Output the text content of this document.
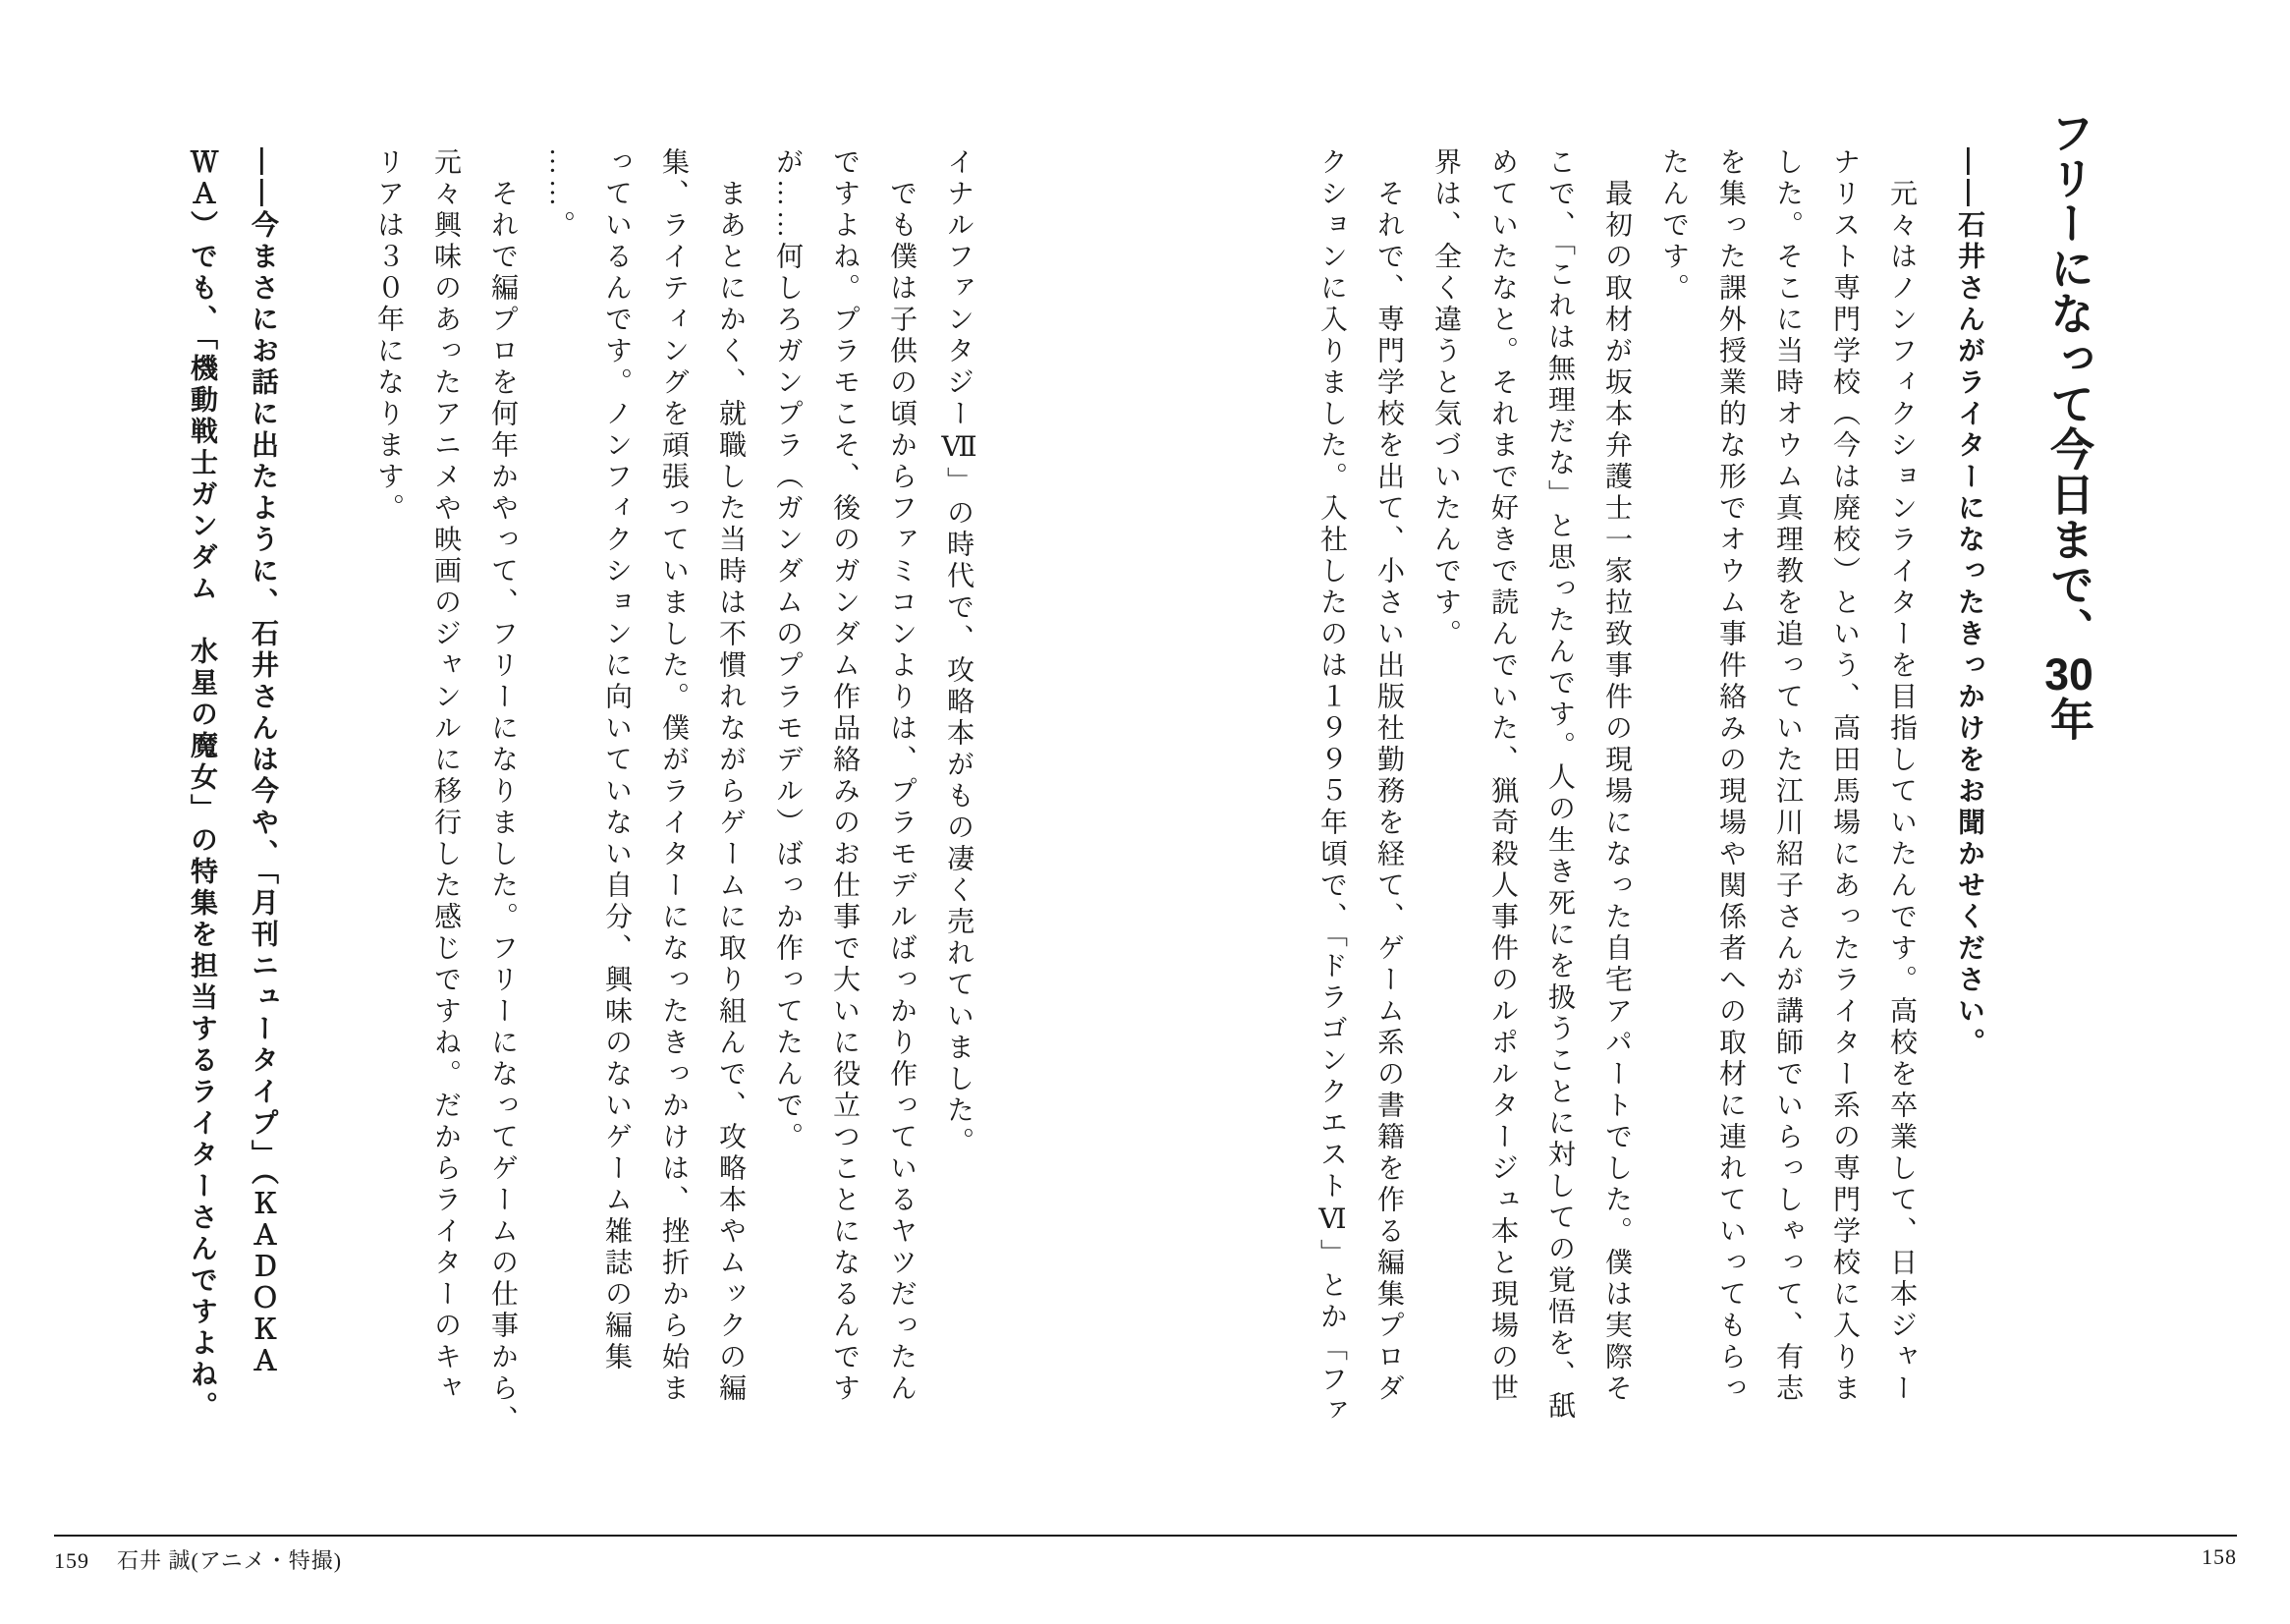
フリーになって今日まで、30年

――石井さんがライターになったきっかけをお聞かせください。

　元々はノンフィクションライターを目指していたんです。高校を卒業して、日本ジャー

ナリスト専門学校（今は廃校）という、高田馬場にあったライター系の専門学校に入りま

した。そこに当時オウム真理教を追っていた江川紹子さんが講師でいらっしゃって、有志

を集った課外授業的な形でオウム事件絡みの現場や関係者への取材に連れていってもらっ

たんです。

　最初の取材が坂本弁護士一家拉致事件の現場になった自宅アパートでした。僕は実際そ

こで、「これは無理だな」と思ったんです。人の生き死にを扱うことに対しての覚悟を、舐

めていたなと。それまで好きで読んでいた、猟奇殺人事件のルポルタージュ本と現場の世

界は、全く違うと気づいたんです。

　それで、専門学校を出て、小さい出版社勤務を経て、ゲーム系の書籍を作る編集プロダ

クションに入りました。入社したのは１９９５年頃で、「ドラゴンクエストⅥ」とか「ファ

イナルファンタジーⅦ」の時代で、攻略本がもの凄く売れていました。

　でも僕は子供の頃からファミコンよりは、プラモデルばっかり作っているヤツだったん

ですよね。プラモこそ、後のガンダム作品絡みのお仕事で大いに役立つことになるんです

が……何しろガンプラ（ガンダムのプラモデル）ばっか作ってたんで。

　まあとにかく、就職した当時は不慣れながらゲームに取り組んで、攻略本やムックの編

集、ライティングを頑張っていました。僕がライターになったきっかけは、挫折から始ま

っているんです。ノンフィクションに向いていない自分、興味のないゲーム雑誌の編集

……。

　それで編プロを何年かやって、フリーになりました。フリーになってゲームの仕事から、

元々興味のあったアニメや映画のジャンルに移行した感じですね。だからライターのキャ

リアは３０年になります。

――今まさにお話に出たように、石井さんは今や、「月刊ニュータイプ」（ＫＡＤＯＫＡ

ＷＡ）でも、「機動戦士ガンダム　水星の魔女」の特集を担当するライターさんですよね。

159 石井 誠(アニメ・特撮)	158
